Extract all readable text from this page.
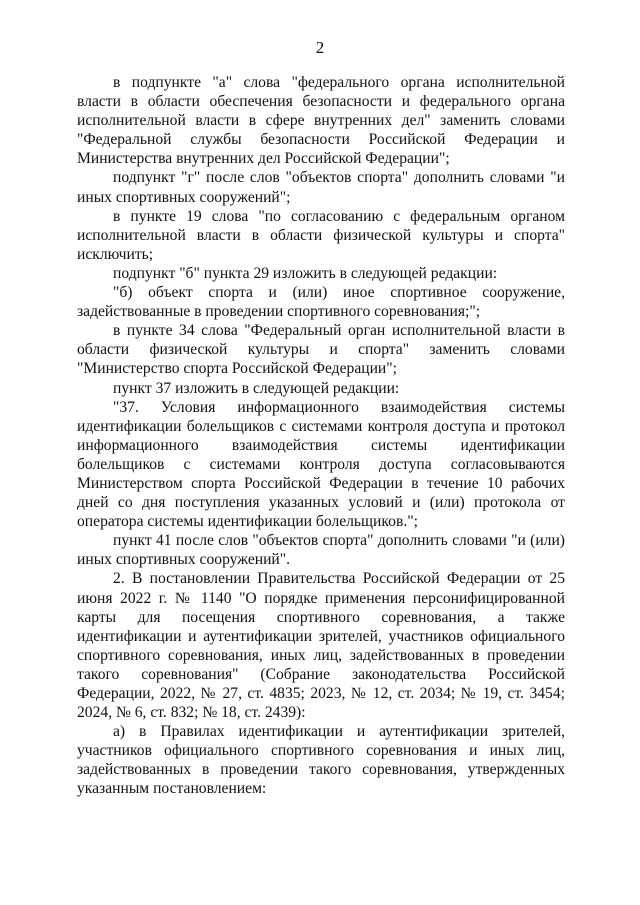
2

в подпункте "а" слова "федерального органа исполнительной власти в области обеспечения безопасности и федерального органа исполнительной власти в сфере внутренних дел" заменить словами "Федеральной службы безопасности Российской Федерации и Министерства внутренних дел Российской Федерации";

подпункт "г" после слов "объектов спорта" дополнить словами "и иных спортивных сооружений";

в пункте 19 слова "по согласованию с федеральным органом исполнительной власти в области физической культуры и спорта" исключить;

подпункт "б" пункта 29 изложить в следующей редакции:

"б) объект спорта и (или) иное спортивное сооружение, задействованные в проведении спортивного соревнования;";

в пункте 34 слова "Федеральный орган исполнительной власти в области физической культуры и спорта" заменить словами "Министерство спорта Российской Федерации";

пункт 37 изложить в следующей редакции:

"37. Условия информационного взаимодействия системы идентификации болельщиков с системами контроля доступа и протокол информационного взаимодействия системы идентификации болельщиков с системами контроля доступа согласовываются Министерством спорта Российской Федерации в течение 10 рабочих дней со дня поступления указанных условий и (или) протокола от оператора системы идентификации болельщиков.";

пункт 41 после слов "объектов спорта" дополнить словами "и (или) иных спортивных сооружений".

2. В постановлении Правительства Российской Федерации от 25 июня 2022 г. № 1140 "О порядке применения персонифицированной карты для посещения спортивного соревнования, а также идентификации и аутентификации зрителей, участников официального спортивного соревнования, иных лиц, задействованных в проведении такого соревнования" (Собрание законодательства Российской Федерации, 2022, № 27, ст. 4835; 2023, № 12, ст. 2034; № 19, ст. 3454; 2024, № 6, ст. 832; № 18, ст. 2439):

а) в Правилах идентификации и аутентификации зрителей, участников официального спортивного соревнования и иных лиц, задействованных в проведении такого соревнования, утвержденных указанным постановлением:
